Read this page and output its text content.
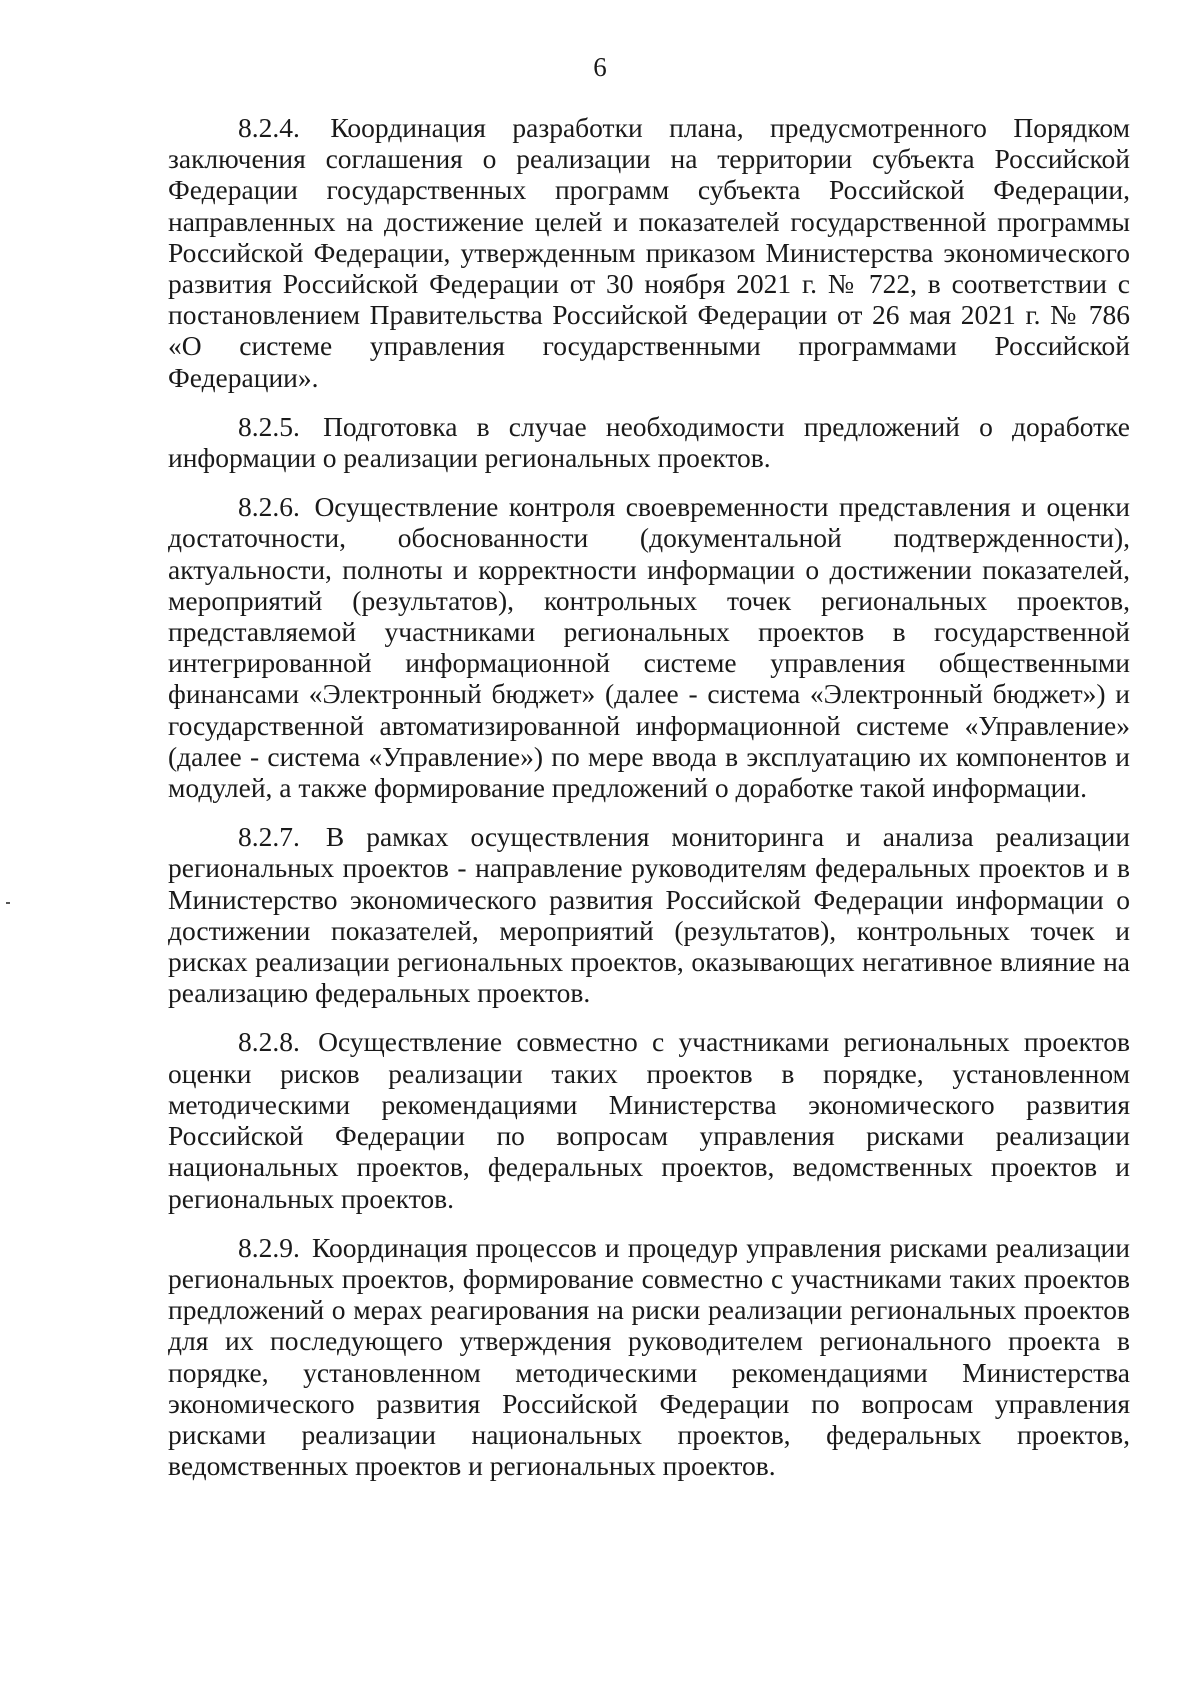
6

8.2.4. Координация разработки плана, предусмотренного Порядком заключения соглашения о реализации на территории субъекта Российской Федерации государственных программ субъекта Российской Федерации, направленных на достижение целей и показателей государственной программы Российской Федерации, утвержденным приказом Министерства экономического развития Российской Федерации от 30 ноября 2021 г. № 722, в соответствии с постановлением Правительства Российской Федерации от 26 мая 2021 г. № 786 «О системе управления государственными программами Российской Федерации».

8.2.5. Подготовка в случае необходимости предложений о доработке информации о реализации региональных проектов.

8.2.6. Осуществление контроля своевременности представления и оценки достаточности, обоснованности (документальной подтвержденности), актуальности, полноты и корректности информации о достижении показателей, мероприятий (результатов), контрольных точек региональных проектов, представляемой участниками региональных проектов в государственной интегрированной информационной системе управления общественными финансами «Электронный бюджет» (далее - система «Электронный бюджет») и государственной автоматизированной информационной системе «Управление» (далее - система «Управление») по мере ввода в эксплуатацию их компонентов и модулей, а также формирование предложений о доработке такой информации.

8.2.7. В рамках осуществления мониторинга и анализа реализации региональных проектов - направление руководителям федеральных проектов и в Министерство экономического развития Российской Федерации информации о достижении показателей, мероприятий (результатов), контрольных точек и рисках реализации региональных проектов, оказывающих негативное влияние на реализацию федеральных проектов.

8.2.8. Осуществление совместно с участниками региональных проектов оценки рисков реализации таких проектов в порядке, установленном методическими рекомендациями Министерства экономического развития Российской Федерации по вопросам управления рисками реализации национальных проектов, федеральных проектов, ведомственных проектов и региональных проектов.

8.2.9. Координация процессов и процедур управления рисками реализации региональных проектов, формирование совместно с участниками таких проектов предложений о мерах реагирования на риски реализации региональных проектов для их последующего утверждения руководителем регионального проекта в порядке, установленном методическими рекомендациями Министерства экономического развития Российской Федерации по вопросам управления рисками реализации национальных проектов, федеральных проектов, ведомственных проектов и региональных проектов.
